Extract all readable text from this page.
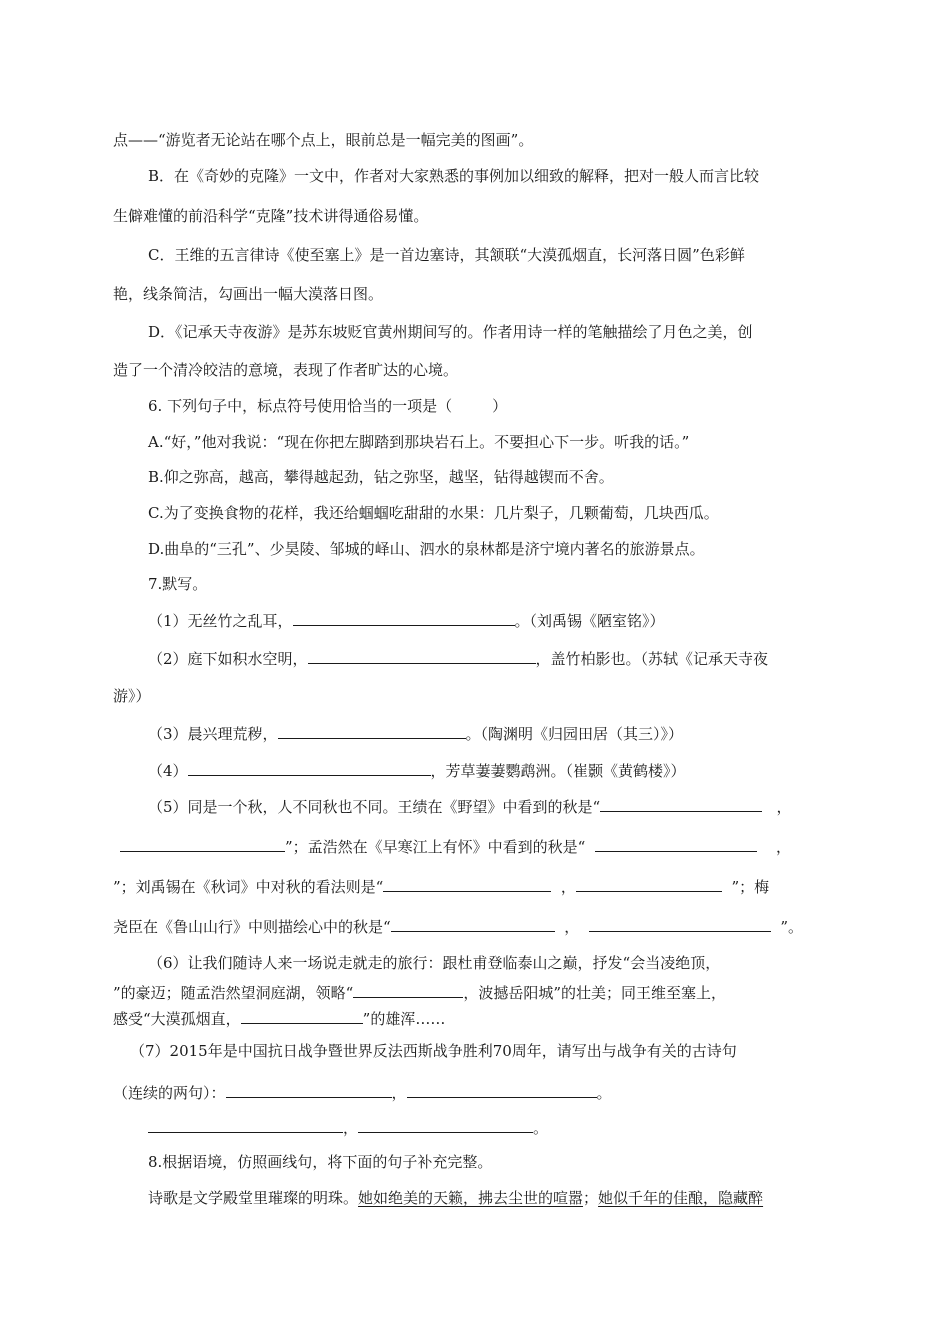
点——“游览者无论站在哪个点上，眼前总是一幅完美的图画”。
B．在《奇妙的克隆》一文中，作者对大家熟悉的事例加以细致的解释，把对一般人而言比较
生僻难懂的前沿科学“克隆”技术讲得通俗易懂。
C．王维的五言律诗《使至塞上》是一首边塞诗，其颔联“大漠孤烟直，长河落日圆”色彩鲜
艳，线条简洁，勾画出一幅大漠落日图。
D．《记承天寺夜游》是苏东坡贬官黄州期间写的。作者用诗一样的笔触描绘了月色之美，创
造了一个清冷皎洁的意境，表现了作者旷达的心境。
6. 下列句子中，标点符号使用恰当的一项是（	）
A.“好，”他对我说：“现在你把左脚踏到那块岩石上。不要担心下一步。听我的话。”
B.仰之弥高，越高，攀得越起劲，钻之弥坚，越坚，钻得越锲而不舍。
C.为了变换食物的花样，我还给蝈蝈吃甜甜的水果：几片梨子，几颗葡萄，几块西瓜。
D.曲阜的“三孔”、少昊陵、邹城的峄山、泗水的泉林都是济宁境内著名的旅游景点。
7.默写。
（1）无丝竹之乱耳，	。（刘禹锡《陋室铭》）
（2）庭下如积水空明，	，盖竹柏影也。（苏轼《记承天寺夜
游》）
（3）晨兴理荒秽，	。（陶渊明《归园田居（其三）》）
（4）	，芳草萋萋鹦鹉洲。（崔颢《黄鹤楼》）
（5）同是一个秋，人不同秋也不同。王绩在《野望》中看到的秋是“	，
”；孟浩然在《早寒江上有怀》中看到的秋是“	，
”；刘禹锡在《秋词》中对秋的看法则是“	，	”；梅
尧臣在《鲁山山行》中则描绘心中的秋是“	，	”。
（6）让我们随诗人来一场说走就走的旅行：跟杜甫登临泰山之巅，抒发“会当凌绝顶，
”的豪迈；随孟浩然望洞庭湖，领略“	，波撼岳阳城”的壮美；同王维至塞上，
感受“大漠孤烟直，	”的雄浑……
（7）2015年是中国抗日战争暨世界反法西斯战争胜利70周年，请写出与战争有关的古诗句
（连续的两句）：	，	。
，	。
8.根据语境，仿照画线句，将下面的句子补充完整。
诗歌是文学殿堂里璀璨的明珠。她如绝美的天籁，拂去尘世的喧嚣；她似千年的佳酿，隐藏醉
